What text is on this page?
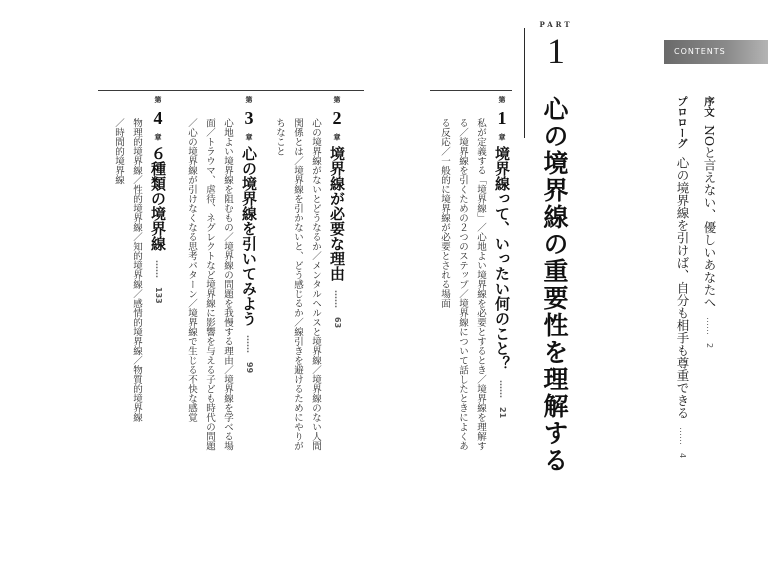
CONTENTS
PART
1
心の境界線の重要性を理解する	序文 NOと言えない、優しいあなたへ …… 2
プロローグ 心の境界線を引けば、自分も相手も尊重できる …… 4
第 1 章 境界線って、いったい何のこと？ …… 21
私が定義する「境界線」／心地よい境界線を必要とするとき／境界線を理解す
る／境界線を引くための２つのステップ／境界線について話したときによくあ
る反応／一般的に境界線が必要とされる場面
第 2 章 境界線が必要な理由 …… 63
心の境界線がないとどうなるか／メンタルヘルスと境界線／境界線のない人間
関係とは／境界線を引かないと、どう感じるか／線引きを避けるためにやりが
ちなこと
第 3 章 心の境界線を引いてみよう …… 99
心地よい境界線を阻むもの／境界線の問題を我慢する理由／境界線を学べる場
面／トラウマ、虐待、ネグレクトなど境界線に影響を与える子ども時代の問題
／心の境界線が引けなくなる思考パターン／境界線で生じる不快な感覚
第 4 章 ６種類の境界線 …… 133
物理的境界線／性的境界線／知的境界線／感情的境界線／物質的境界線
／時間的境界線
